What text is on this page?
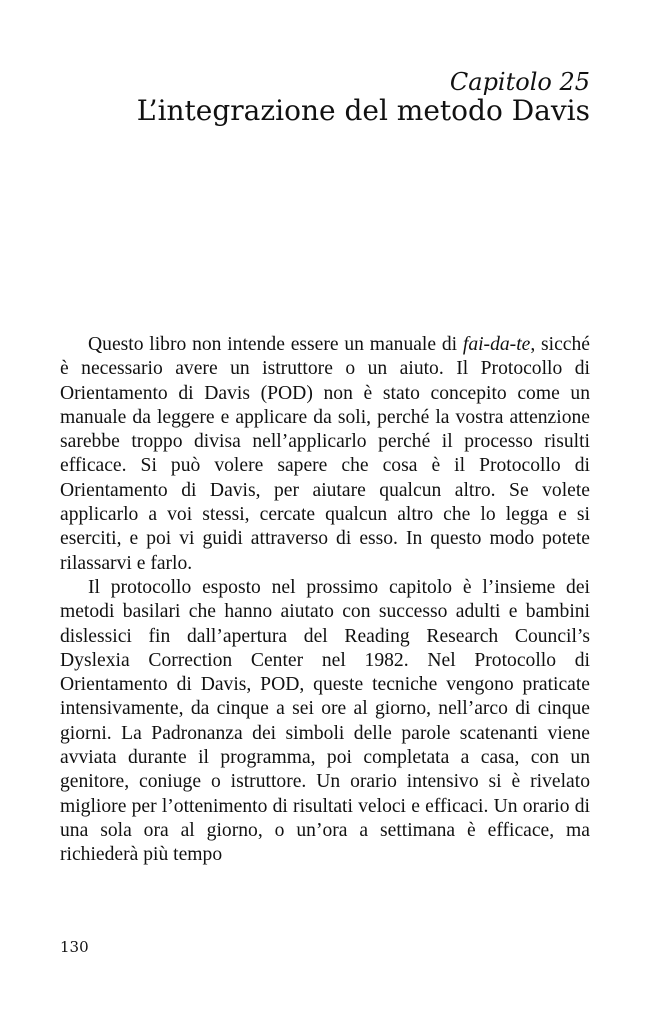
Capitolo 25
L’integrazione del metodo Davis

Questo libro non intende essere un manuale di fai-da-te, sicché è necessario avere un istruttore o un aiuto. Il Protocollo di Orientamento di Davis (POD) non è stato concepito come un manuale da leggere e applicare da soli, perché la vostra attenzione sarebbe troppo divisa nell’applicarlo perché il processo risulti efficace. Si può volere sapere che cosa è il Protocollo di Orientamento di Davis, per aiutare qualcun altro. Se volete applicarlo a voi stessi, cercate qualcun altro che lo legga e si eserciti, e poi vi guidi attraverso di esso. In questo modo potete rilassarvi e farlo.

Il protocollo esposto nel prossimo capitolo è l’insieme dei metodi basilari che hanno aiutato con successo adulti e bambini dislessici fin dall’apertura del Reading Research Council’s Dyslexia Correction Center nel 1982. Nel Protocollo di Orientamento di Davis, POD, queste tecniche vengono praticate intensivamente, da cinque a sei ore al giorno, nell’arco di cinque giorni. La Padronanza dei simboli delle parole scatenanti viene avviata durante il programma, poi completata a casa, con un genitore, coniuge o istruttore. Un orario intensivo si è rivelato migliore per l’ottenimento di risultati veloci e efficaci. Un orario di una sola ora al giorno, o un’ora a settimana è efficace, ma richiederà più tempo

130
